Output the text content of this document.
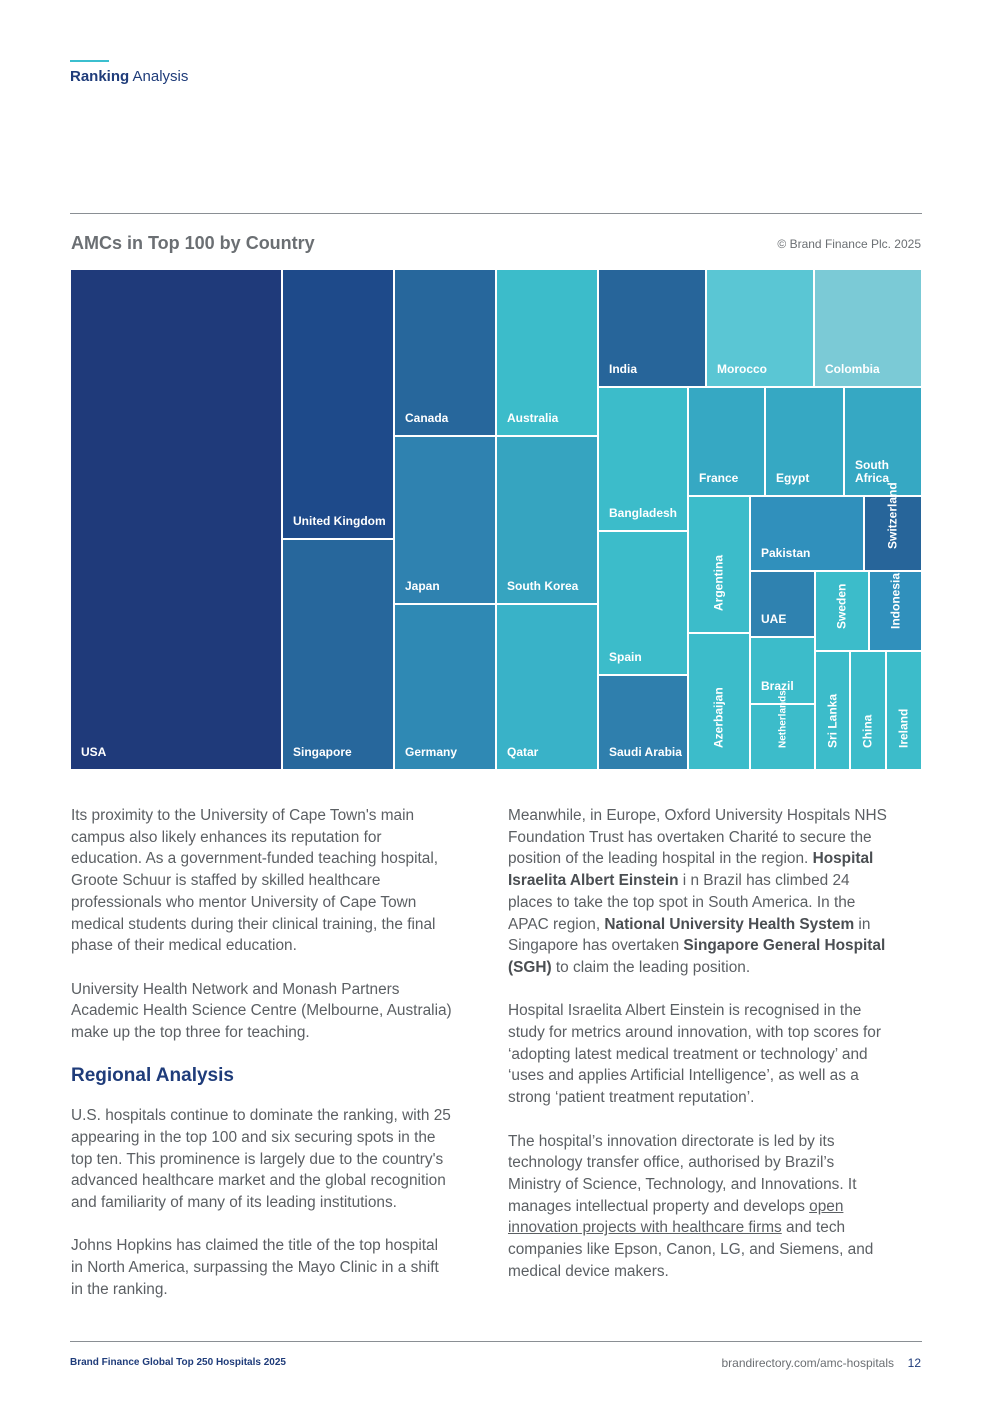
Ranking Analysis
AMCs in Top 100 by Country	© Brand Finance Plc. 2025
USA
United Kingdom
Singapore
Canada
Japan
Germany
Australia
South Korea
Qatar
India	Morocco	Colombia
Bangladesh
Spain
Saudi Arabia
France	Egypt
South
Africa
Argentina
Azerbaijan
Pakistan
Switzerland
UAE	Sweden	Indonesia
Brazil
Netherlands	Sri Lanka China Ireland

Its proximity to the University of Cape Town's main campus also likely enhances its reputation for education. As a government-funded teaching hospital, Groote Schuur is staffed by skilled healthcare professionals who mentor University of Cape Town medical students during their clinical training, the final phase of their medical education.

University Health Network and Monash Partners Academic Health Science Centre (Melbourne, Australia) make up the top three for teaching.

Regional Analysis

U.S. hospitals continue to dominate the ranking, with 25 appearing in the top 100 and six securing spots in the top ten. This prominence is largely due to the country's advanced healthcare market and the global recognition and familiarity of many of its leading institutions.

Johns Hopkins has claimed the title of the top hospital in North America, surpassing the Mayo Clinic in a shift in the ranking.

Meanwhile, in Europe, Oxford University Hospitals NHS Foundation Trust has overtaken Charité to secure the position of the leading hospital in the region. Hospital Israelita Albert Einstein i n Brazil has climbed 24 places to take the top spot in South America. In the APAC region, National University Health System in Singapore has overtaken Singapore General Hospital (SGH) to claim the leading position.

Hospital Israelita Albert Einstein is recognised in the study for metrics around innovation, with top scores for ‘adopting latest medical treatment or technology’ and ‘uses and applies Artificial Intelligence’, as well as a strong ‘patient treatment reputation’.

The hospital’s innovation directorate is led by its technology transfer office, authorised by Brazil’s Ministry of Science, Technology, and Innovations. It manages intellectual property and develops open innovation projects with healthcare firms and tech companies like Epson, Canon, LG, and Siemens, and medical device makers.

Brand Finance Global Top 250 Hospitals 2025	brandirectory.com/amc-hospitals 12
